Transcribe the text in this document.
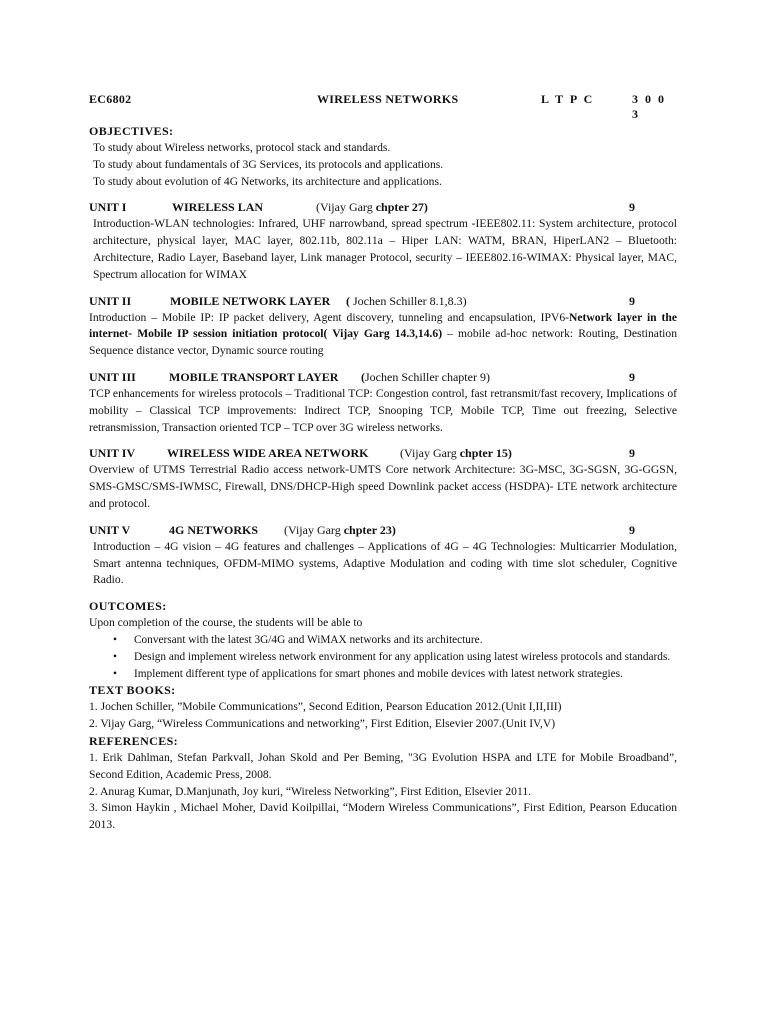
EC6802	WIRELESS NETWORKS	L T P C	3 0 0 3

OBJECTIVES:

To study about Wireless networks, protocol stack and standards.

To study about fundamentals of 3G Services, its protocols and applications.

To study about evolution of 4G Networks, its architecture and applications.

UNIT I	WIRELESS LAN	(Vijay Garg chpter 27)	9

Introduction-WLAN technologies: Infrared, UHF narrowband, spread spectrum -IEEE802.11: System architecture, protocol architecture, physical layer, MAC layer, 802.11b, 802.11a – Hiper LAN: WATM, BRAN, HiperLAN2 – Bluetooth: Architecture, Radio Layer, Baseband layer, Link manager Protocol, security – IEEE802.16-WIMAX: Physical layer, MAC, Spectrum allocation for WIMAX

UNIT II	MOBILE NETWORK LAYER ( Jochen Schiller 8.1,8.3)	9

Introduction – Mobile IP: IP packet delivery, Agent discovery, tunneling and encapsulation, IPV6-Network layer in the internet- Mobile IP session initiation protocol( Vijay Garg 14.3,14.6) – mobile ad-hoc network: Routing, Destination Sequence distance vector, Dynamic source routing

UNIT III	MOBILE TRANSPORT LAYER (Jochen Schiller chapter 9)	9

TCP enhancements for wireless protocols – Traditional TCP: Congestion control, fast retransmit/fast recovery, Implications of mobility – Classical TCP improvements: Indirect TCP, Snooping TCP, Mobile TCP, Time out freezing, Selective retransmission, Transaction oriented TCP – TCP over 3G wireless networks.

UNIT IV	WIRELESS WIDE AREA NETWORK	(Vijay Garg chpter 15)	9

Overview of UTMS Terrestrial Radio access network-UMTS Core network Architecture: 3G-MSC, 3G-SGSN, 3G-GGSN, SMS-GMSC/SMS-IWMSC, Firewall, DNS/DHCP-High speed Downlink packet access (HSDPA)- LTE network architecture and protocol.

UNIT V	4G NETWORKS (Vijay Garg chpter 23)	9

Introduction – 4G vision – 4G features and challenges – Applications of 4G – 4G Technologies: Multicarrier Modulation, Smart antenna techniques, OFDM-MIMO systems, Adaptive Modulation and coding with time slot scheduler, Cognitive Radio.

OUTCOMES:

Upon completion of the course, the students will be able to

• Conversant with the latest 3G/4G and WiMAX networks and its architecture.
• Design and implement wireless network environment for any application using latest wireless protocols and standards.
• Implement different type of applications for smart phones and mobile devices with latest network strategies.

TEXT BOOKS:

1. Jochen Schiller, ”Mobile Communications”, Second Edition, Pearson Education 2012.(Unit I,II,III)

2. Vijay Garg, “Wireless Communications and networking”, First Edition, Elsevier 2007.(Unit IV,V)

REFERENCES:

1. Erik Dahlman, Stefan Parkvall, Johan Skold and Per Beming, "3G Evolution HSPA and LTE for Mobile Broadband”, Second Edition, Academic Press, 2008.

2. Anurag Kumar, D.Manjunath, Joy kuri, “Wireless Networking”, First Edition, Elsevier 2011.

3. Simon Haykin , Michael Moher, David Koilpillai, “Modern Wireless Communications”, First Edition, Pearson Education 2013.
